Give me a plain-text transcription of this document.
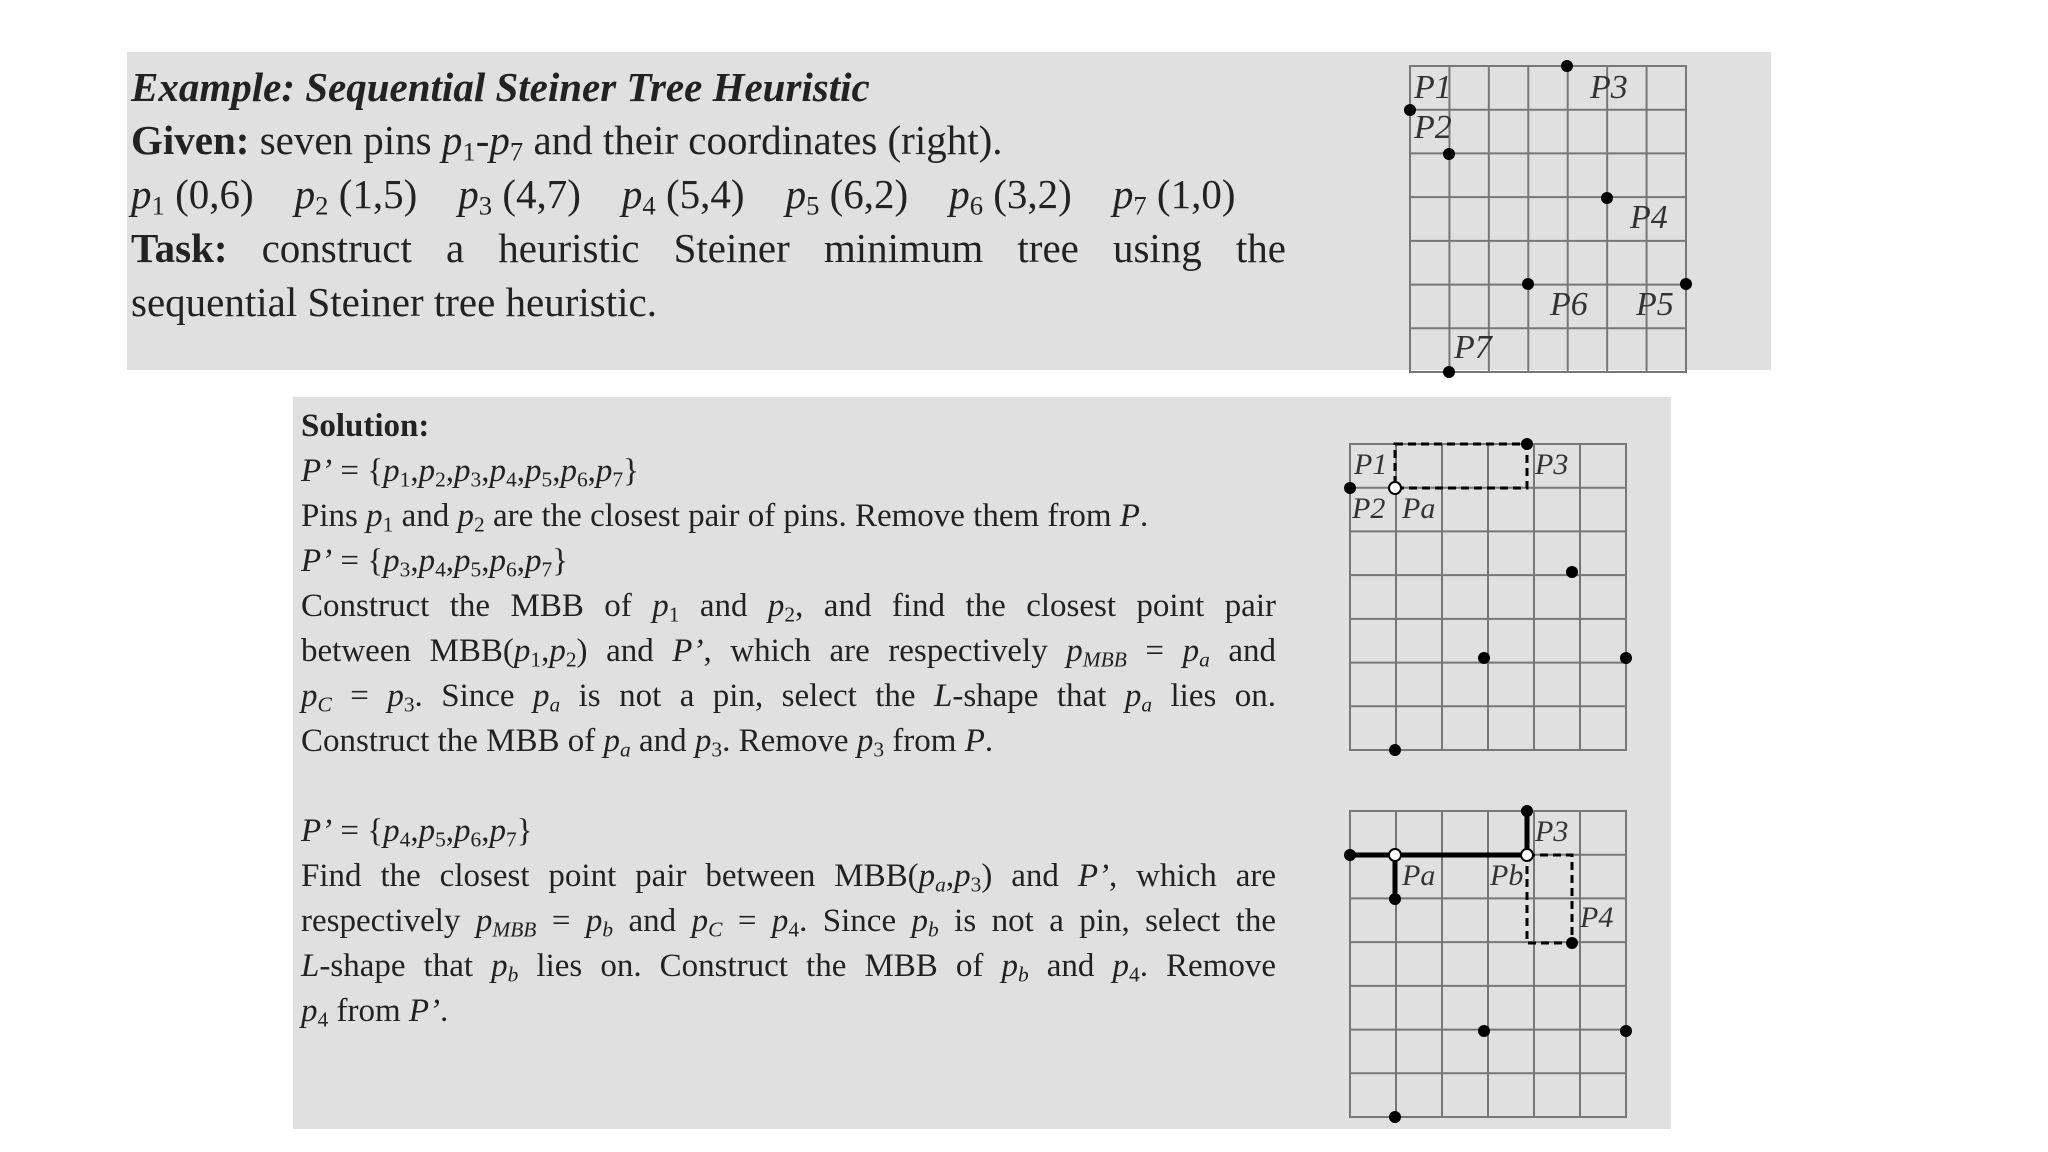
Example: Sequential Steiner Tree Heuristic
Given: seven pins $p_1-p_7$ and their coordinates (right).
$p_1$ (0,6) $p_2$ (1,5) $p_3$ (4,7) $p_4$ (5,4) $p_5$ (6,2) $p_6$ (3,2) $p_7$ (1,0)
Task: construct a heuristic Steiner minimum tree using the
sequential Steiner tree heuristic.
P1
P2
P3
P4
P6 P5
P7
Solution:
P’ = $\{p_1,p_2,p_3,p_4,p_5,p_6,p_7\}$
Pins $p_1$ and $p_2$ are the closest pair of pins. Remove them from P.
P’ = $\{p_3,p_4,p_5,p_6,p_7\}$
Construct the MBB of $p_1$ and $p_2$, and find the closest point pair
between $MBB(p_1,p_2)$ and P’, which are respectively $p_{MBB} = p_a$ and
$p_C = p_3$. Since $p_a$ is not a pin, select the L-shape that $p_a$ lies on.
Construct the MBB of $p_a$ and $p_3$. Remove $p_3$ from P.
P’ = $\{p_4,p_5,p_6,p_7\}$
Find the closest point pair between $MBB(p_a,p_3)$ and P’, which are
respectively $p_{MBB} = p_b$ and $p_C = p_4$. Since $p_b$ is not a pin, select the
L-shape that $p_b$ lies on. Construct the MBB of $p_b$ and $p_4$. Remove
$p_4$ from P’.
P1	P3
P2 Pa
P3
Pa Pb
P4
